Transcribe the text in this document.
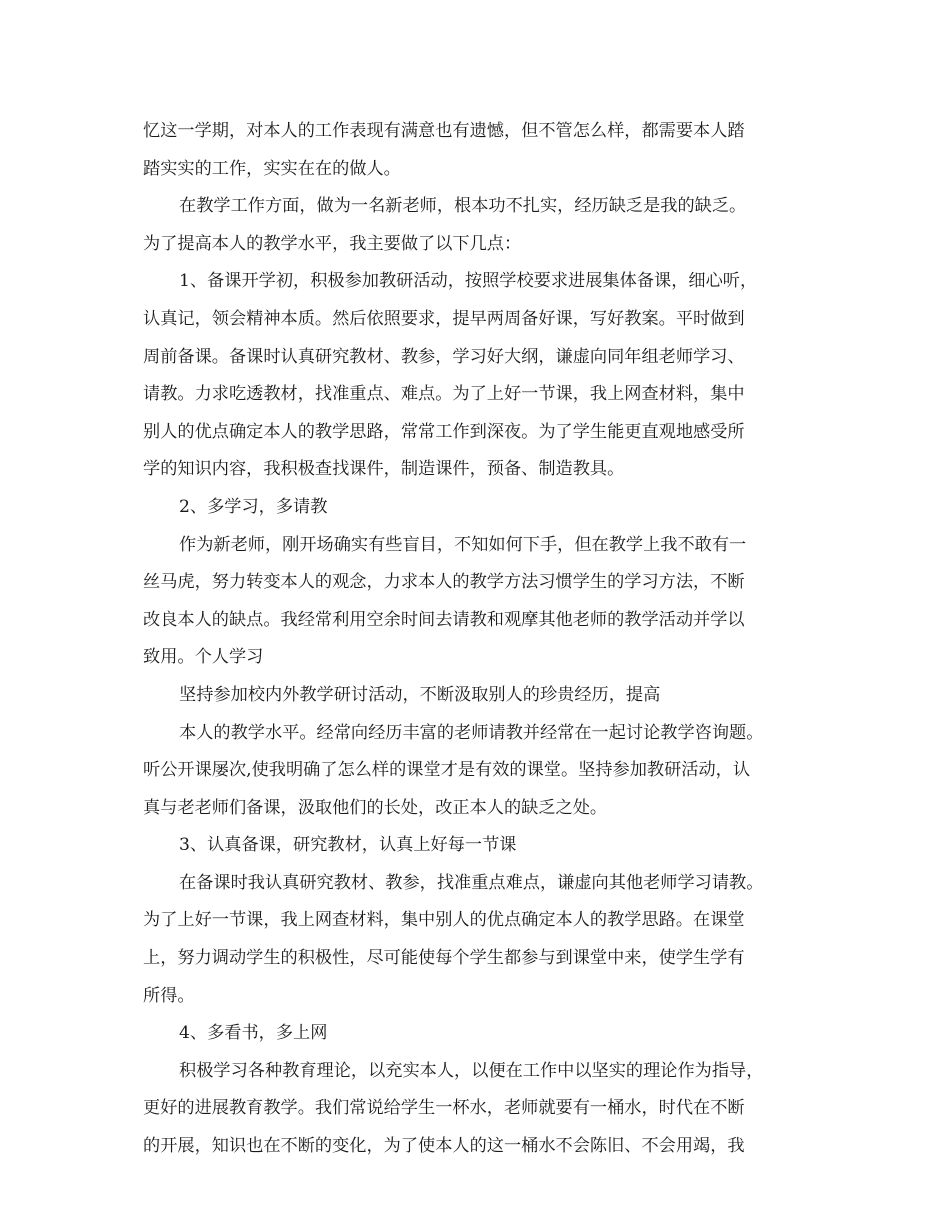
忆这一学期，对本人的工作表现有满意也有遗憾，但不管怎么样，都需要本人踏
踏实实的工作，实实在在的做人。
在教学工作方面，做为一名新老师，根本功不扎实，经历缺乏是我的缺乏。
为了提高本人的教学水平，我主要做了以下几点：
1、备课开学初，积极参加教研活动，按照学校要求进展集体备课，细心听，
认真记，领会精神本质。然后依照要求，提早两周备好课，写好教案。平时做到
周前备课。备课时认真研究教材、教参，学习好大纲，谦虚向同年组老师学习、
请教。力求吃透教材，找准重点、难点。为了上好一节课，我上网查材料，集中
别人的优点确定本人的教学思路，常常工作到深夜。为了学生能更直观地感受所
学的知识内容，我积极查找课件，制造课件，预备、制造教具。
2、多学习，多请教
作为新老师，刚开场确实有些盲目，不知如何下手，但在教学上我不敢有一
丝马虎，努力转变本人的观念，力求本人的教学方法习惯学生的学习方法，不断
改良本人的缺点。我经常利用空余时间去请教和观摩其他老师的教学活动并学以
致用。个人学习
坚持参加校内外教学研讨活动，不断汲取别人的珍贵经历，提高
本人的教学水平。经常向经历丰富的老师请教并经常在一起讨论教学咨询题。
听公开课屡次,使我明确了怎么样的课堂才是有效的课堂。坚持参加教研活动，认
真与老老师们备课，汲取他们的长处，改正本人的缺乏之处。
3、认真备课，研究教材，认真上好每一节课
在备课时我认真研究教材、教参，找准重点难点，谦虚向其他老师学习请教。
为了上好一节课，我上网查材料，集中别人的优点确定本人的教学思路。在课堂
上，努力调动学生的积极性，尽可能使每个学生都参与到课堂中来，使学生学有
所得。
4、多看书，多上网
积极学习各种教育理论，以充实本人，以便在工作中以坚实的理论作为指导，
更好的进展教育教学。我们常说给学生一杯水，老师就要有一桶水，时代在不断
的开展，知识也在不断的变化，为了使本人的这一桶水不会陈旧、不会用竭，我
